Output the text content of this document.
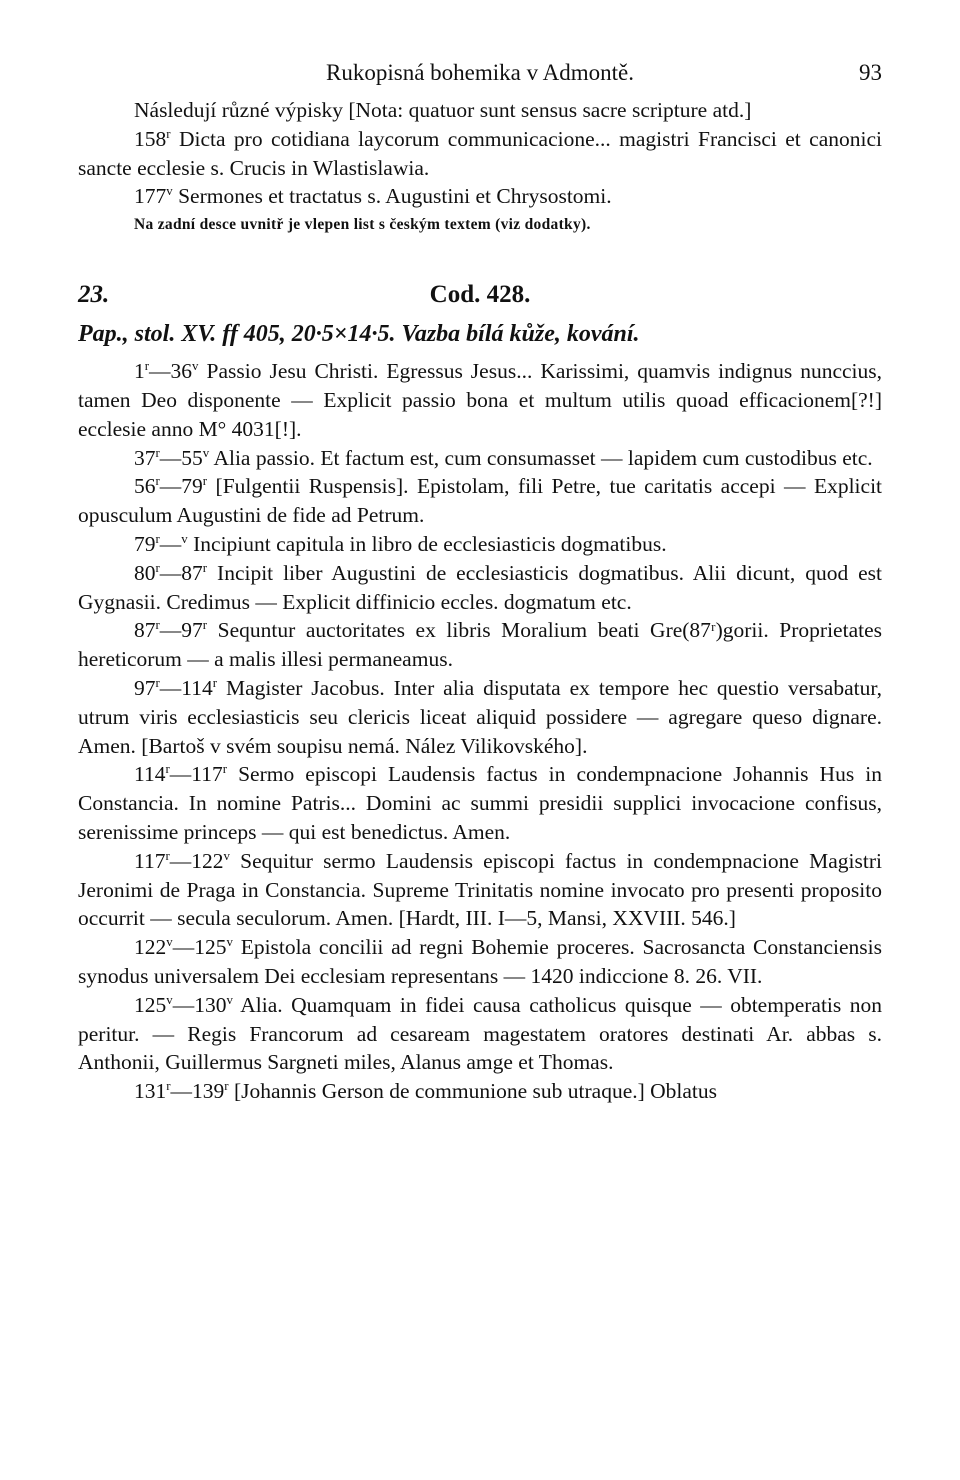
Rukopisná bohemika v Admontě.	93

Následují různé výpisky [Nota: quatuor sunt sensus sacre scripture atd.]

158$^r$ Dicta pro cotidiana laycorum communicacione... magistri Francisci et canonici sancte ecclesie s. Crucis in Wlastislawia.

177$^v$ Sermones et tractatus s. Augustini et Chrysostomi.

Na zadní desce uvnitř je vlepen list s českým textem (viz dodatky).

23.	Cod. 428.
Pap., stol. XV. ff 405, 20·5×14·5. Vazba bílá kůže, kování.

1$^r$—36$^v$ Passio Jesu Christi. Egressus Jesus... Karissimi, quamvis indignus nunccius, tamen Deo disponente — Explicit passio bona et multum utilis quoad efficacionem[?!] ecclesie anno M° 4031[!].

37$^r$—55$^v$ Alia passio. Et factum est, cum consumasset — lapidem cum custodibus etc.

56$^r$—79$^r$ [Fulgentii Ruspensis]. Epistolam, fili Petre, tue caritatis accepi — Explicit opusculum Augustini de fide ad Petrum.

79$^r$—$^v$ Incipiunt capitula in libro de ecclesiasticis dogmatibus.

80$^r$—87$^r$ Incipit liber Augustini de ecclesiasticis dogmatibus. Alii dicunt, quod est Gygnasii. Credimus — Explicit diffinicio eccles. dogmatum etc.

87$^r$—97$^r$ Sequntur auctoritates ex libris Moralium beati Gre(87ʳ)gorii. Proprietates hereticorum — a malis illesi permaneamus.

97$^r$—114$^r$ Magister Jacobus. Inter alia disputata ex tempore hec questio versabatur, utrum viris ecclesiasticis seu clericis liceat aliquid possidere — agregare queso dignare. Amen. [Bartoš v svém soupisu nemá. Nález Vilikovského].

114$^r$—117$^r$ Sermo episcopi Laudensis factus in condempnacione Johannis Hus in Constancia. In nomine Patris... Domini ac summi presidii supplici invocacione confisus, serenissime princeps — qui est benedictus. Amen.

117$^r$—122$^v$ Sequitur sermo Laudensis episcopi factus in condempnacione Magistri Jeronimi de Praga in Constancia. Supreme Trinitatis nomine invocato pro presenti proposito occurrit — secula seculorum. Amen. [Hardt, III. I—5, Mansi, XXVIII. 546.]

122$^v$—125$^v$ Epistola concilii ad regni Bohemie proceres. Sacrosancta Constanciensis synodus universalem Dei ecclesiam representans — 1420 indiccione 8. 26. VII.

125$^v$—130$^v$ Alia. Quamquam in fidei causa catholicus quisque — obtemperatis non peritur. — Regis Francorum ad cesaream magestatem oratores destinati Ar. abbas s. Anthonii, Guillermus Sargneti miles, Alanus amge et Thomas.

131$^r$—139$^r$ [Johannis Gerson de communione sub utraque.] Oblatus
